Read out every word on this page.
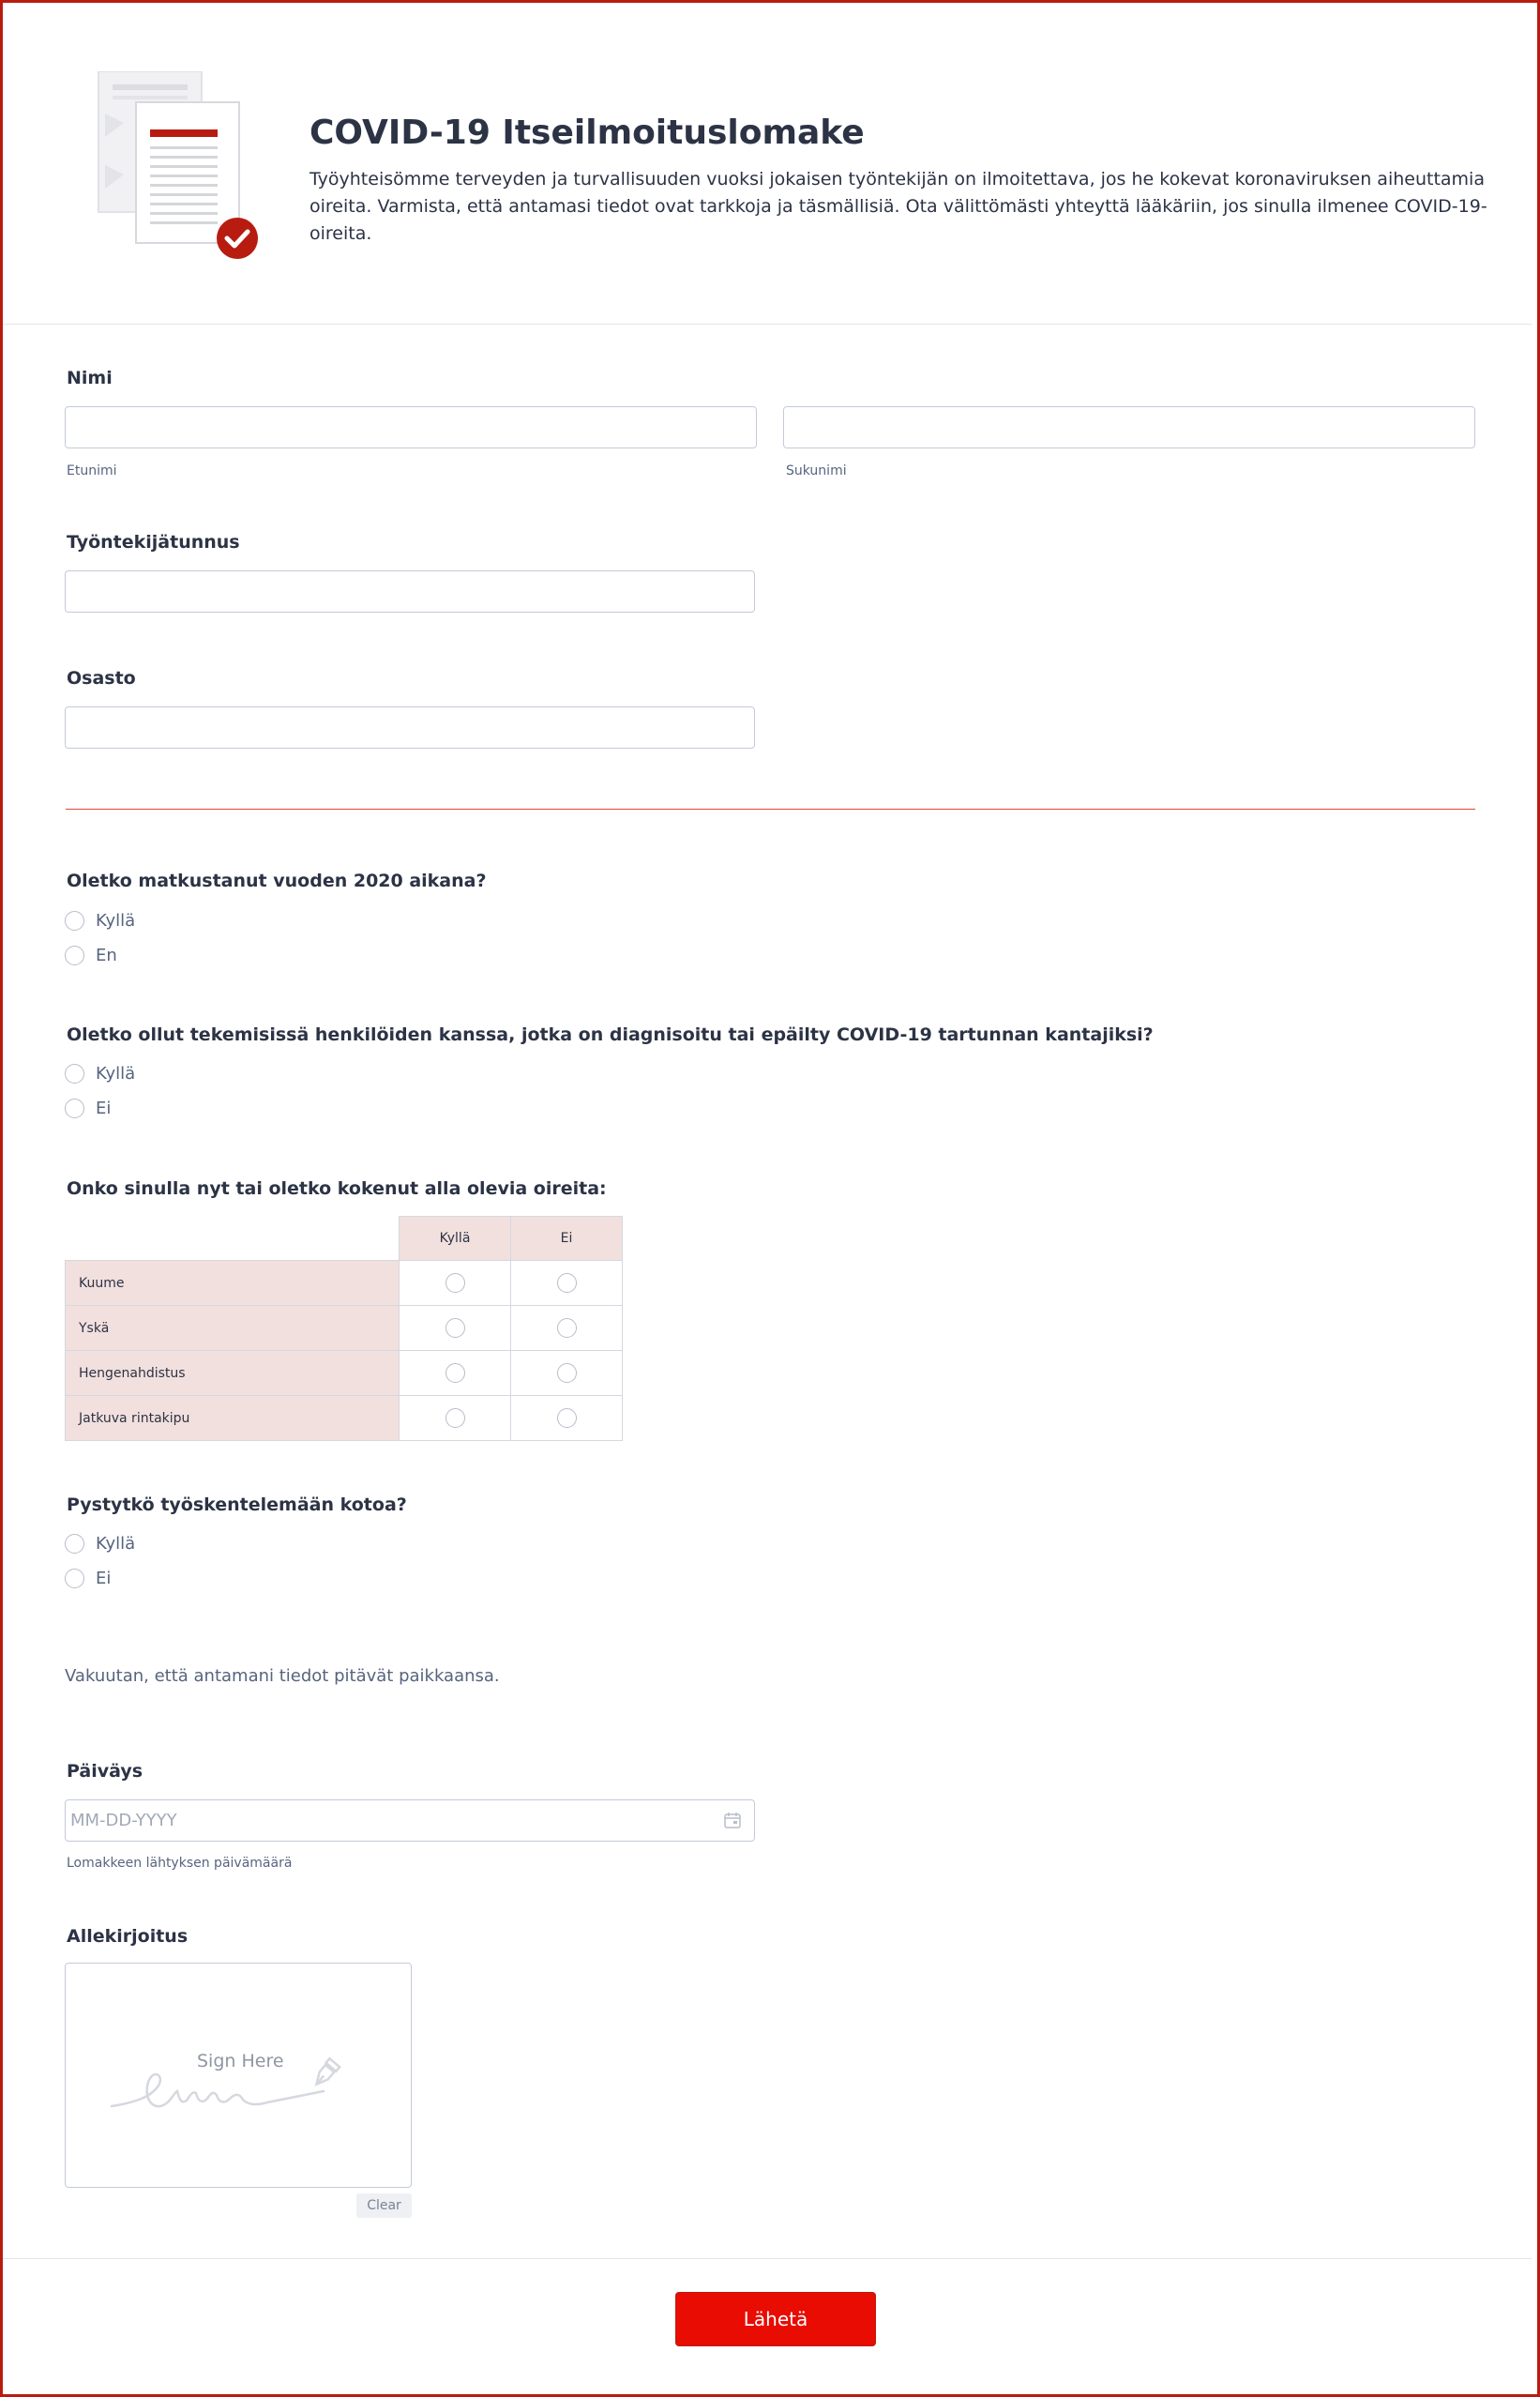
COVID-19 Itseilmoituslomake

Työyhteisömme terveyden ja turvallisuuden vuoksi jokaisen työntekijän on ilmoitettava, jos he kokevat koronaviruksen aiheuttamia oireita. Varmista, että antamasi tiedot ovat tarkkoja ja täsmällisiä. Ota välittömästi yhteyttä lääkäriin, jos sinulla ilmenee COVID-19-oireita.

Nimi
Etunimi	Sukunimi
Työntekijätunnus
Osasto
Oletko matkustanut vuoden 2020 aikana?
Kyllä
En
Oletko ollut tekemisissä henkilöiden kanssa, jotka on diagnisoitu tai epäilty COVID-19 tartunnan kantajiksi?
Kyllä
Ei
Onko sinulla nyt tai oletko kokenut alla olevia oireita:
	Kyllä	Ei
Kuume		
Yskä		
Hengenahdistus		
Jatkuva rintakipu		
Pystytkö työskentelemään kotoa?
Kyllä
Ei
Vakuutan, että antamani tiedot pitävät paikkaansa.
Päiväys
MM-DD-YYYY
Lomakkeen lähtyksen päivämäärä
Allekirjoitus
Sign Here
Clear
Lähetä
